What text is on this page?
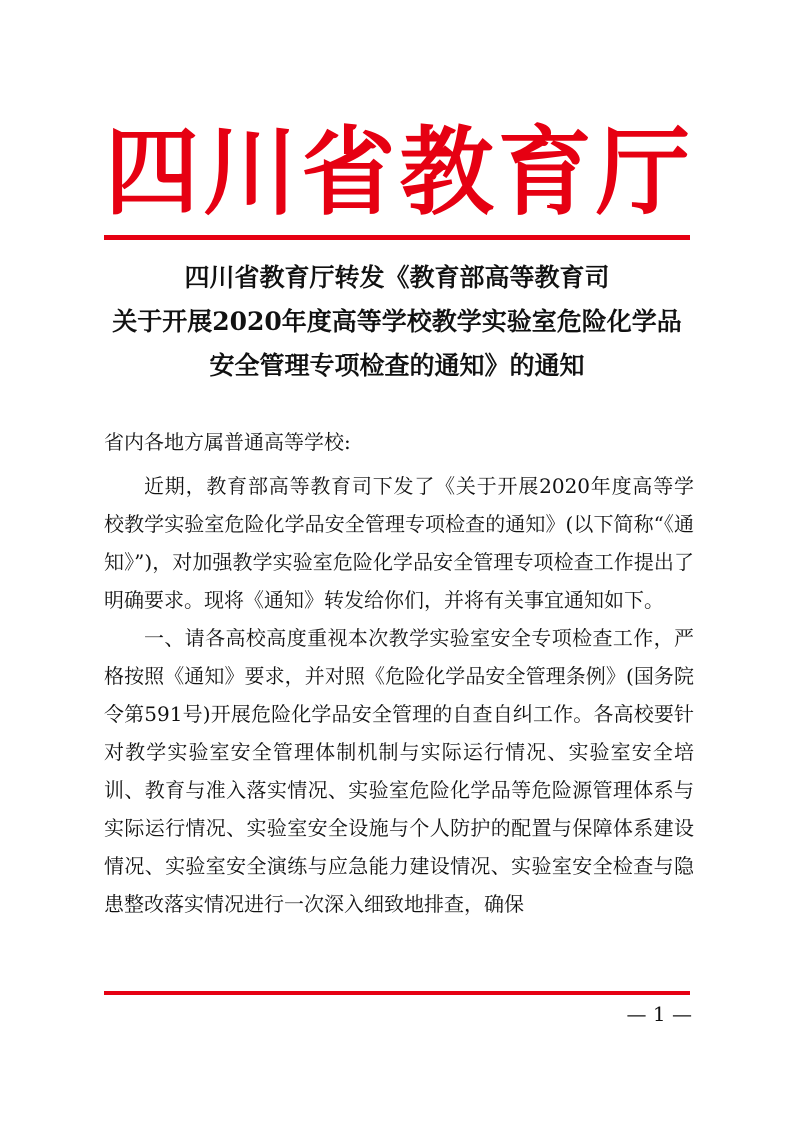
四 川 省 教 育 厅
四川省教育厅转发《教育部高等教育司
关于开展2020年度高等学校教学实验室危险化学品
安全管理专项检查的通知》的通知
省内各地方属普通高等学校:

近期，教育部高等教育司下发了《关于开展2020年度高等学校教学实验室危险化学品安全管理专项检查的通知》(以下简称“《通知》”)，对加强教学实验室危险化学品安全管理专项检查工作提出了明确要求。现将《通知》转发给你们，并将有关事宜通知如下。

一、请各高校高度重视本次教学实验室安全专项检查工作，严格按照《通知》要求，并对照《危险化学品安全管理条例》(国务院令第591号)开展危险化学品安全管理的自查自纠工作。各高校要针对教学实验室安全管理体制机制与实际运行情况、实验室安全培训、教育与准入落实情况、实验室危险化学品等危险源管理体系与实际运行情况、实验室安全设施与个人防护的配置与保障体系建设情况、实验室安全演练与应急能力建设情况、实验室安全检查与隐患整改落实情况进行一次深入细致地排查，确保

— 1 —
